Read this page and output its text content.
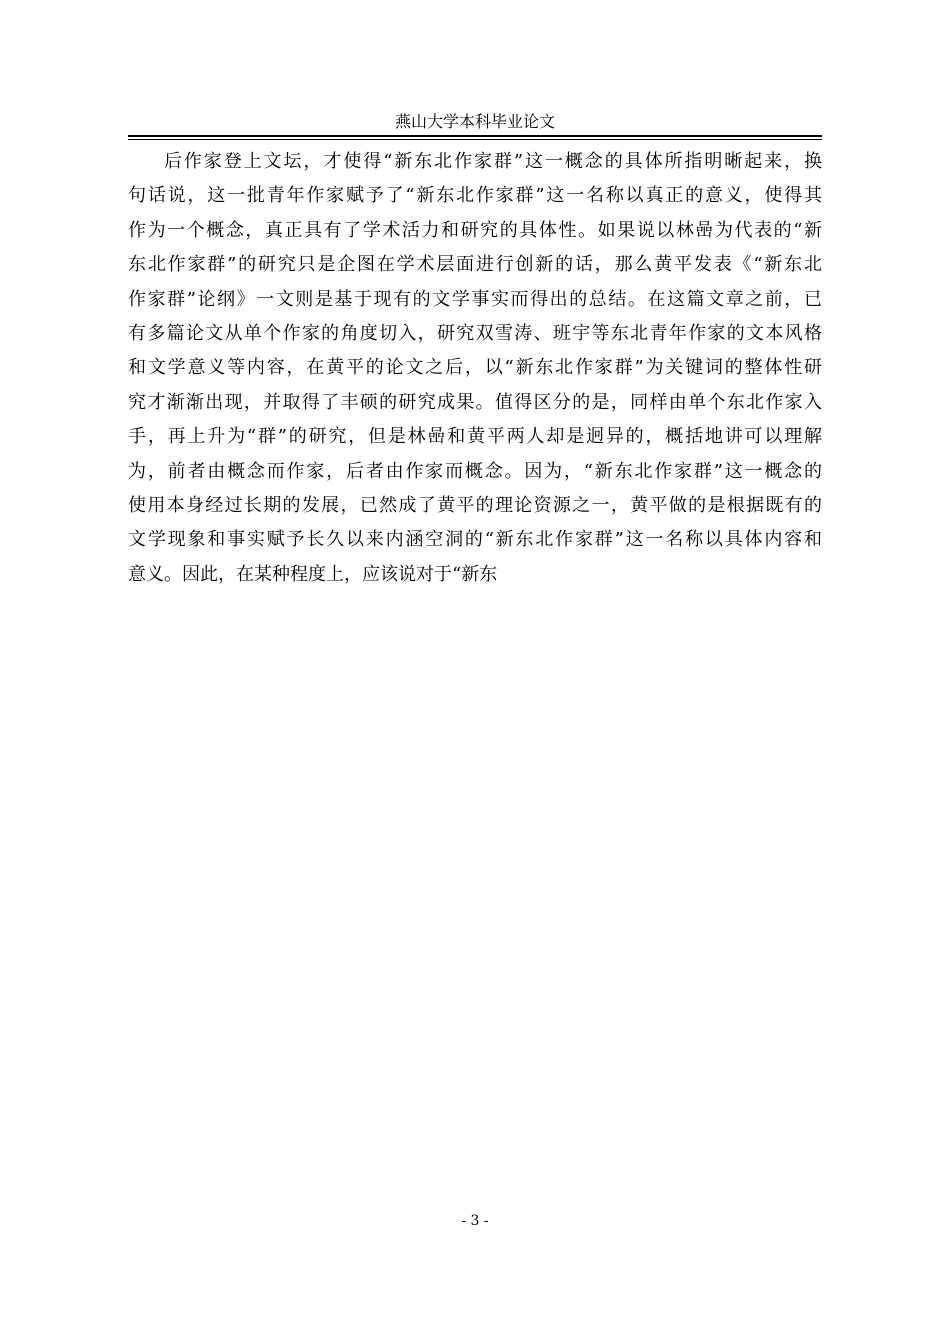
燕山大学本科毕业论文
后作家登上文坛，才使得“新东北作家群”这一概念的具体所指明晰起来，换
句话说，这一批青年作家赋予了“新东北作家群”这一名称以真正的意义，使得其
作为一个概念，真正具有了学术活力和研究的具体性。如果说以林喦为代表的“新
东北作家群”的研究只是企图在学术层面进行创新的话，那么黄平发表《“新东北
作家群”论纲》一文则是基于现有的文学事实而得出的总结。在这篇文章之前，已
有多篇论文从单个作家的角度切入，研究双雪涛、班宇等东北青年作家的文本风格
和文学意义等内容，在黄平的论文之后，以“新东北作家群”为关键词的整体性研
究才渐渐出现，并取得了丰硕的研究成果。值得区分的是，同样由单个东北作家入
手，再上升为“群”的研究，但是林喦和黄平两人却是迥异的，概括地讲可以理解
为，前者由概念而作家，后者由作家而概念。因为，“新东北作家群”这一概念的
使用本身经过长期的发展，已然成了黄平的理论资源之一，黄平做的是根据既有的
文学现象和事实赋予长久以来内涵空洞的“新东北作家群”这一名称以具体内容和
意义。因此，在某种程度上，应该说对于“新东
- 3 -
